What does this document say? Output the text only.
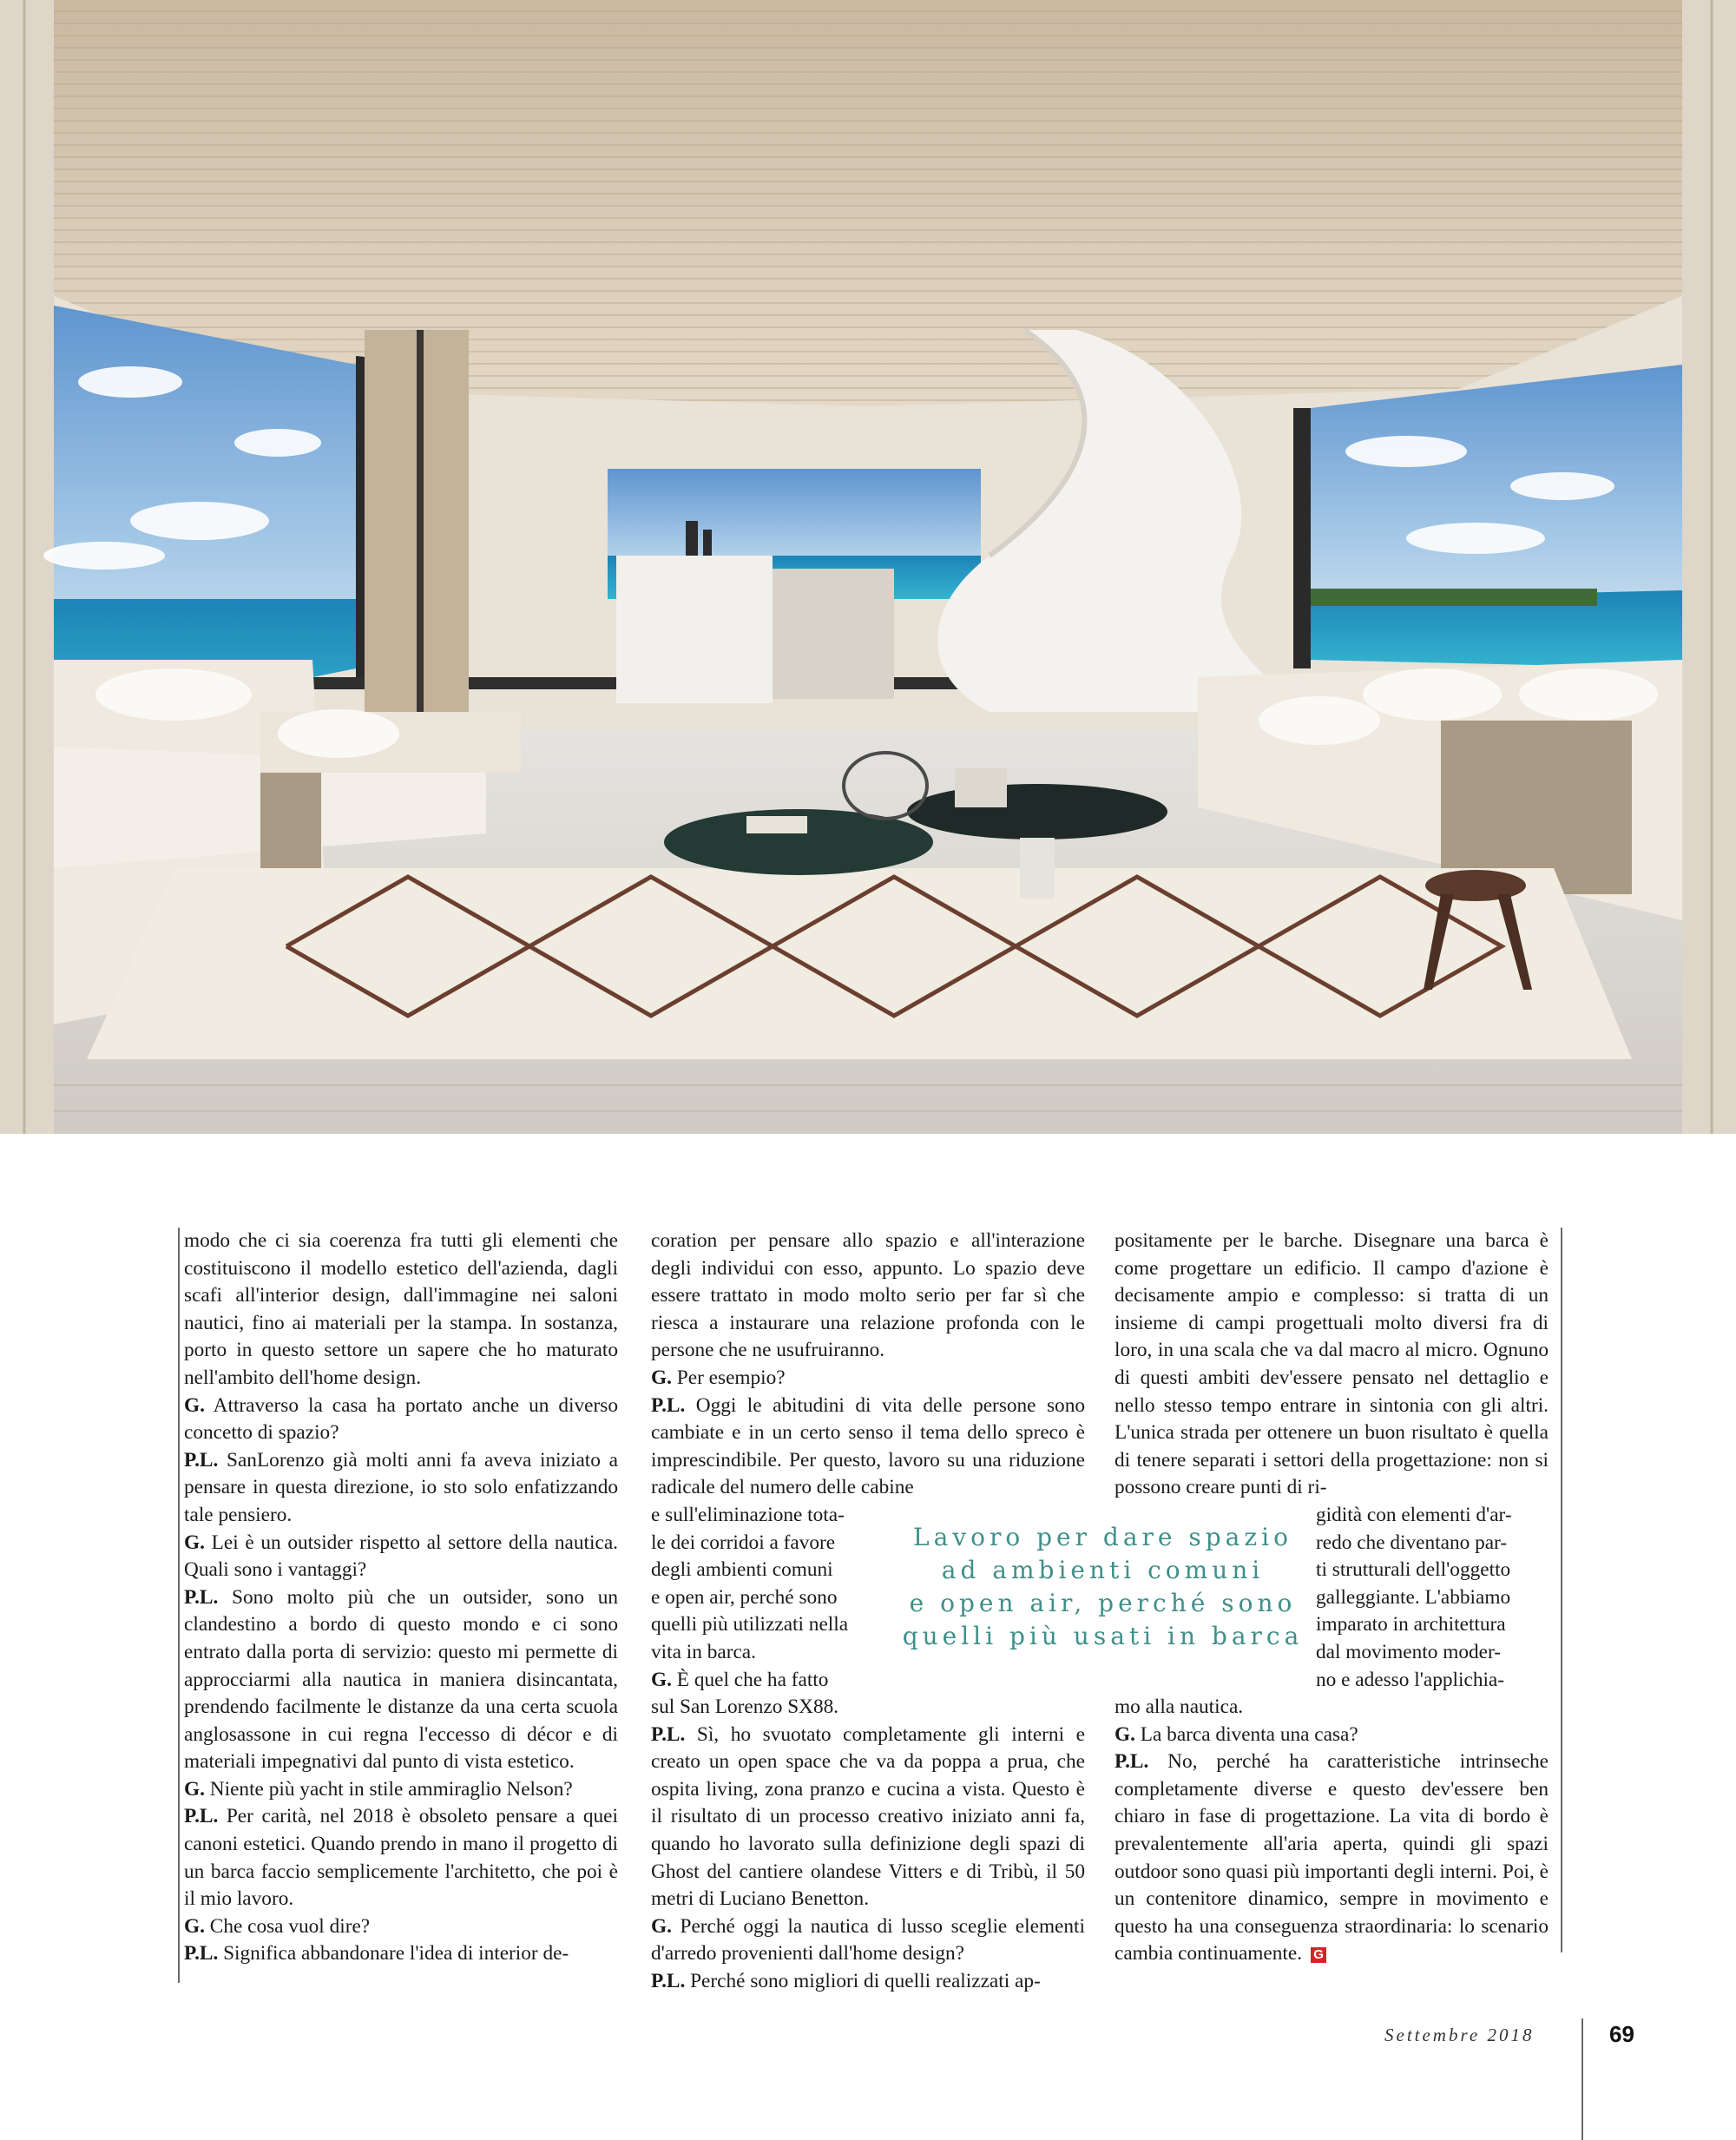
modo che ci sia coerenza fra tutti gli elementi che costituiscono il modello estetico dell'azienda, dagli scafi all'interior design, dall'immagine nei saloni nautici, fino ai materiali per la stampa. In sostanza, porto in questo settore un sapere che ho maturato nell'ambito dell'home design.

G. Attraverso la casa ha portato anche un diverso concetto di spazio?

P.L. SanLorenzo già molti anni fa aveva iniziato a pensare in questa direzione, io sto solo enfatizzando tale pensiero.

G. Lei è un outsider rispetto al settore della nautica. Quali sono i vantaggi?

P.L. Sono molto più che un outsider, sono un clandestino a bordo di questo mondo e ci sono entrato dalla porta di servizio: questo mi permette di approcciarmi alla nautica in maniera disincantata, prendendo facilmente le distanze da una certa scuola anglosassone in cui regna l'eccesso di décor e di materiali impegnativi dal punto di vista estetico.

G. Niente più yacht in stile ammiraglio Nelson?

P.L. Per carità, nel 2018 è obsoleto pensare a quei canoni estetici. Quando prendo in mano il progetto di un barca faccio semplicemente l'architetto, che poi è il mio lavoro.

G. Che cosa vuol dire?

P.L. Significa abbandonare l'idea di interior de-

coration per pensare allo spazio e all'interazione degli individui con esso, appunto. Lo spazio deve essere trattato in modo molto serio per far sì che riesca a instaurare una relazione profonda con le persone che ne usufruiranno.

G. Per esempio?

P.L. Oggi le abitudini di vita delle persone sono cambiate e in un certo senso il tema dello spreco è imprescindibile. Per questo, lavoro su una riduzione radicale del numero delle cabine

e sull'eliminazione tota-
le dei corridoi a favore
degli ambienti comuni
e open air, perché sono
quelli più utilizzati nella
vita in barca.
G. È quel che ha fatto
sul San Lorenzo SX88.

P.L. Sì, ho svuotato completamente gli interni e creato un open space che va da poppa a prua, che ospita living, zona pranzo e cucina a vista. Questo è il risultato di un processo creativo iniziato anni fa, quando ho lavorato sulla definizione degli spazi di Ghost del cantiere olandese Vitters e di Tribù, il 50 metri di Luciano Benetton.

G. Perché oggi la nautica di lusso sceglie elementi d'arredo provenienti dall'home design?

P.L. Perché sono migliori di quelli realizzati ap-

Lavoro per dare spazio
ad ambienti comuni
e open air, perché sono
quelli più usati in barca

positamente per le barche. Disegnare una barca è come progettare un edificio. Il campo d'azione è decisamente ampio e complesso: si tratta di un insieme di campi progettuali molto diversi fra di loro, in una scala che va dal macro al micro. Ognuno di questi ambiti dev'essere pensato nel dettaglio e nello stesso tempo entrare in sintonia con gli altri. L'unica strada per ottenere un buon risultato è quella di tenere separati i settori della progettazione: non si possono creare punti di ri-

gidità con elementi d'ar-
redo che diventano par-
ti strutturali dell'oggetto
galleggiante. L'abbiamo
imparato in architettura
dal movimento moder-
no e adesso l'applichia-
mo alla nautica.

G. La barca diventa una casa?

P.L. No, perché ha caratteristiche intrinseche completamente diverse e questo dev'essere ben chiaro in fase di progettazione. La vita di bordo è prevalentemente all'aria aperta, quindi gli spazi outdoor sono quasi più importanti degli interni. Poi, è un contenitore dinamico, sempre in movimento e questo ha una conseguenza straordinaria: lo scenario cambia continuamente. G

Settembre 2018	69
